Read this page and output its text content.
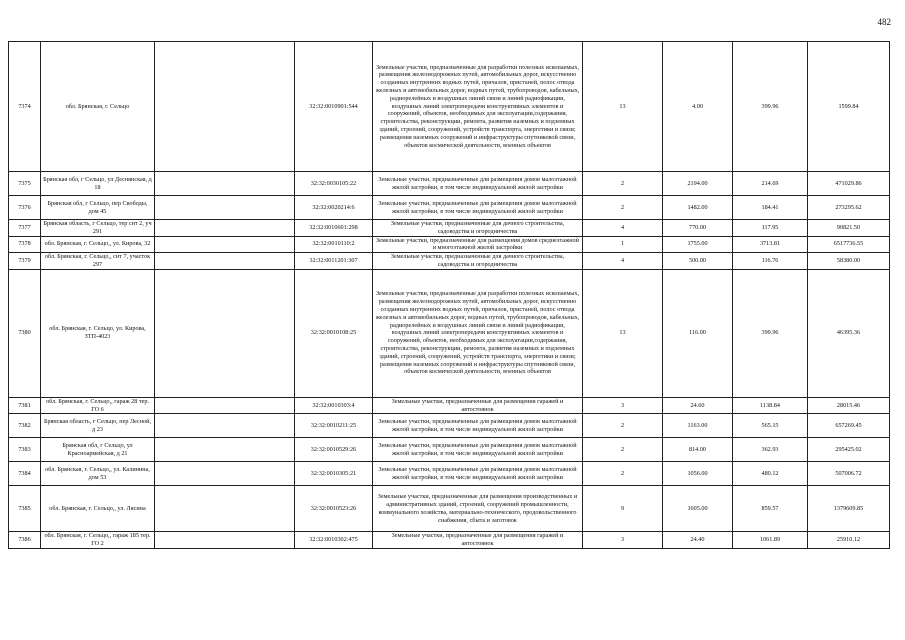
482
7374	обл. Брянская, г. Сельцо		32:32:0010901:544	Земельные участки, предназначенные для разработки полезных ископаемых, размещения железнодорожных путей, автомобильных дорог, искусственно созданных внутренних водных путей, причалов, пристаней, полос отвода железных и автомобильных дорог, водных путей, трубопроводов, кабельных, радиорелейных и воздушных линий связи и линий радиофикации, воздушных линий электропередачи конструктивных элементов и сооружений, объектов, необходимых для эксплуатации,содержания, строительства, реконструкции, ремонта, развития наземных и подземных зданий, строений, сооружений, устройств транспорта, энергетики и связи; размещения наземных сооружений и инфраструктуры спутниковой связи, объектов космической деятельности, военных объектов	13	4.00	399.96	1599.84
7375	Брянская обл, г Сельцо, ул Деснянская, д 18		32:32:0030105:22	Земельные участки, предназначенные для размещения домов малоэтажной жилой застройки, в том числе индивидуальной жилой застройки	2	2194.00	214.69	471029.86
7376	Брянская обл, г Сельцо, пер Свободы, дом 45		32:32:0020214:6	Земельные участки, предназначенные для размещения домов малоэтажной жилой застройки, в том числе индивидуальной жилой застройки	2	1482.00	184.41	273295.62
7377	Брянская область, г Сельцо, тер снт 2, уч 291		32:32:0010601:298	Земельные участки, предназначенные для дачного строительства, садоводства и огородничества	4	770.00	117.95	90821.50
7378	обл. Брянская, г. Сельцо,, ул. Кирова, 32		32:32:0010110:2	Земельные участки, предназначенные для размещения домов среднеэтажной и многоэтажной жилой застройки	1	1755.00	3713.81	6517736.55
7379	обл. Брянская, г. Сельцо,, снт 7, участок 297		32:32:0011201:307	Земельные участки, предназначенные для дачного строительства, садоводства и огородничества	4	500.00	116.76	58380.00
7380	обл. Брянская, г. Сельцо, ул. Кирова, ЗТП-4023		32:32:0010108:25	Земельные участки, предназначенные для разработки полезных ископаемых, размещения железнодорожных путей, автомобильных дорог, искусственно созданных внутренних водных путей, причалов, пристаней, полос отвода железных и автомобильных дорог, водных путей, трубопроводов, кабельных, радиорелейных и воздушных линий связи и линий радиофикации, воздушных линий электропередачи конструктивных элементов и сооружений, объектов, необходимых для эксплуатации,содержания, строительства, реконструкции, ремонта, развития наземных и подземных зданий, строений, сооружений, устройств транспорта, энергетики и связи; размещения наземных сооружений и инфраструктуры спутниковой связи, объектов космической деятельности, военных объектов	13	116.00	399.96	46395.36
7381	обл. Брянская, г. Сельцо,, гараж 28 тер. ГО 6		32:32:0010303:4	Земельные участки, предназначенные для размещения гаражей и автостоянок	3	24.60	1138.84	28015.46
7382	Брянская область, г Сельцо, пер Лесной, д 23		32:32:0010211:25	Земельные участки, предназначенные для размещения домов малоэтажной жилой застройки, в том числе индивидуальной жилой застройки	2	1163.00	565.15	657269.45
7383	Брянская обл, г Сельцо, ул Красноармейская, д 21		32:32:0010529:26	Земельные участки, предназначенные для размещения домов малоэтажной жилой застройки, в том числе индивидуальной жилой застройки	2	814.00	362.93	295425.02
7384	обл. Брянская, г. Сельцо,, ул. Калинина, дом 53		32:32:0010305:21	Земельные участки, предназначенные для размещения домов малоэтажной жилой застройки, в том числе индивидуальной жилой застройки	2	1056.00	480.12	507006.72
7385	обл. Брянская, г. Сельцо,, ул. Лясина		32:32:0010523:26	Земельные участки, предназначенные для размещения производственных и административных зданий, строений, сооружений промышленности, коммунального хозяйства, материально-технического, продовольственного снабжения, сбыта и заготовок	9	1605.00	859.57	1379609.85
7386	обл. Брянская, г. Сельцо,, гараж 185 тер. ГО 2		32:32:0010302:475	Земельные участки, предназначенные для размещения гаражей и автостоянок	3	24.40	1061.89	25910.12
